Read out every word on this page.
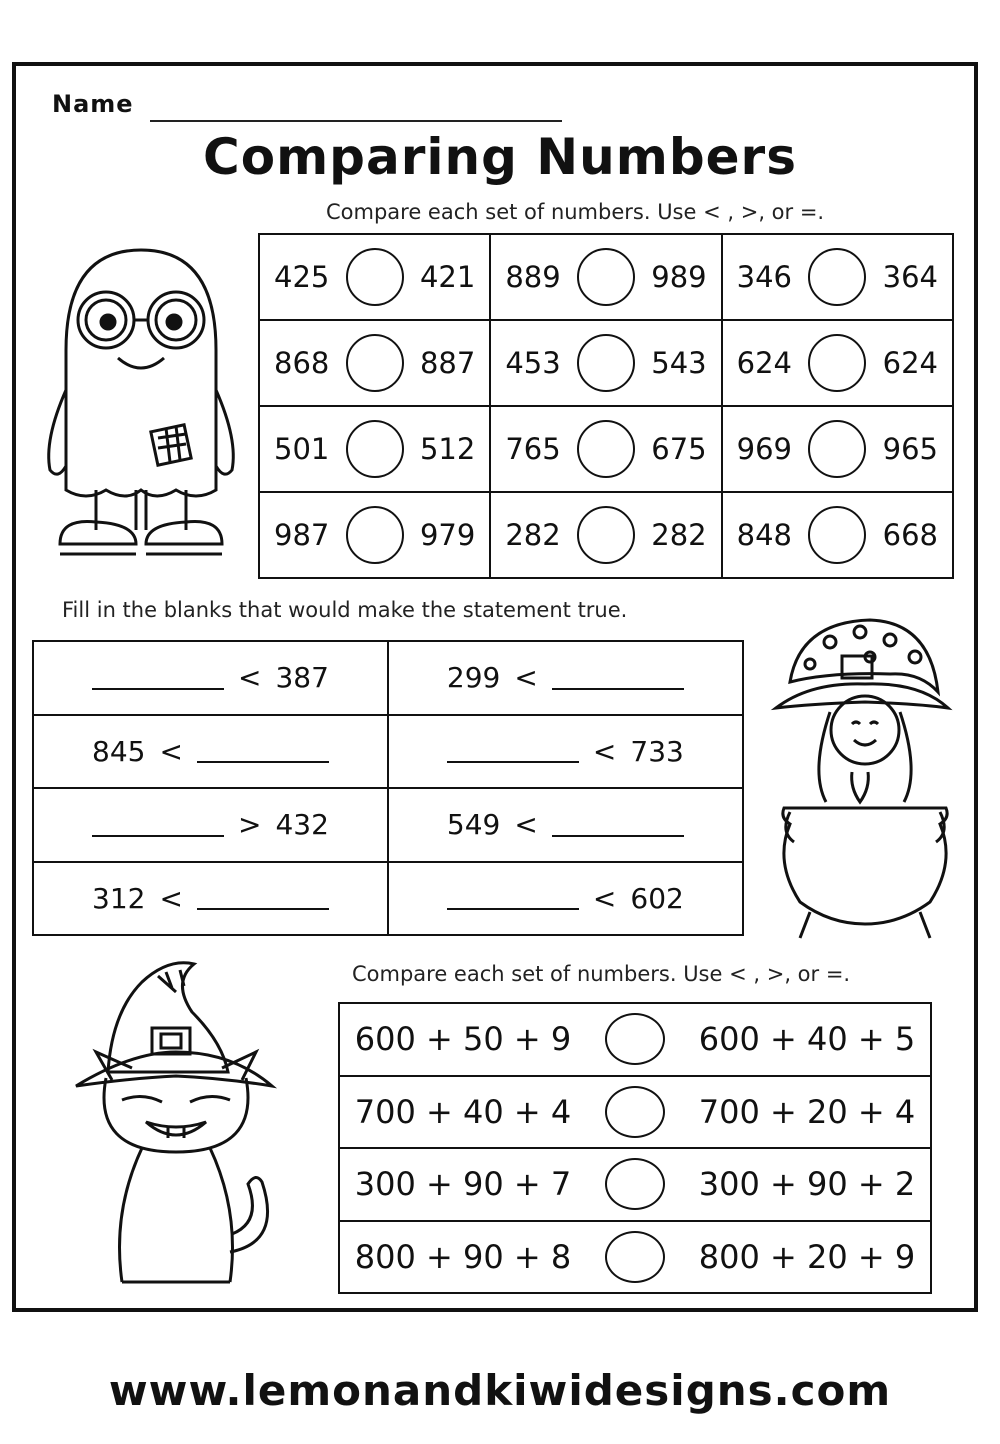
Name
Comparing Numbers
Compare each set of numbers. Use < , >, or =.
425 421	889 989	346 364

868 887	453 543	624 624

501 512	765 675	969 965

987 979	282 282	848 668
Fill in the blanks that would make the statement true.
< 387	299 <

845 <	< 733

> 432	549 <

312 <	< 602
Compare each set of numbers. Use < , >, or =.
600 + 50 + 9	600 + 40 + 5

700 + 40 + 4	700 + 20 + 4

300 + 90 + 7	300 + 90 + 2

800 + 90 + 8	800 + 20 + 9
www.lemonandkiwidesigns.com
